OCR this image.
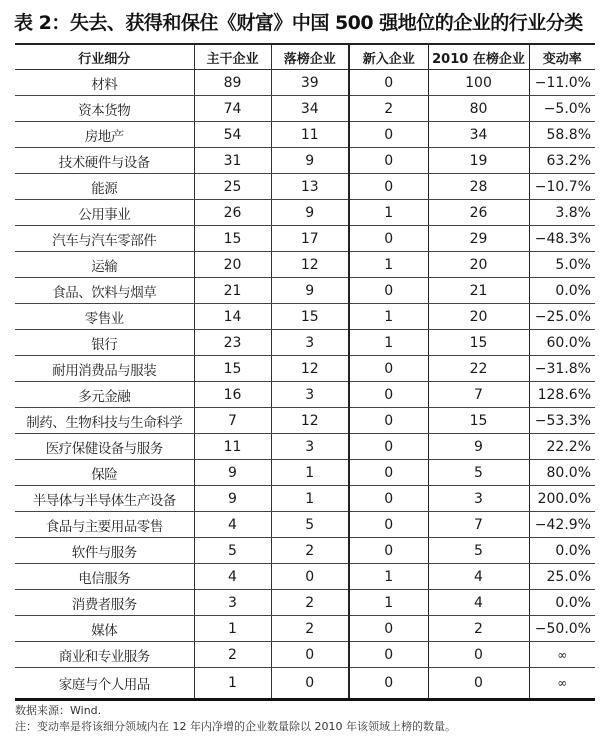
表 2：失去、获得和保住《财富》中国 500 强地位的企业的行业分类
行业细分	主干企业	落榜企业	新入企业	2010 在榜企业	变动率
材料	89	39	0	100	−11.0%
资本货物	74	34	2	80	−5.0%
房地产	54	11	0	34	58.8%
技术硬件与设备	31	9	0	19	63.2%
能源	25	13	0	28	−10.7%
公用事业	26	9	1	26	3.8%
汽车与汽车零部件	15	17	0	29	−48.3%
运输	20	12	1	20	5.0%
食品、饮料与烟草	21	9	0	21	0.0%
零售业	14	15	1	20	−25.0%
银行	23	3	1	15	60.0%
耐用消费品与服装	15	12	0	22	−31.8%
多元金融	16	3	0	7	128.6%
制药、生物科技与生命科学	7	12	0	15	−53.3%
医疗保健设备与服务	11	3	0	9	22.2%
保险	9	1	0	5	80.0%
半导体与半导体生产设备	9	1	0	3	200.0%
食品与主要用品零售	4	5	0	7	−42.9%
软件与服务	5	2	0	5	0.0%
电信服务	4	0	1	4	25.0%
消费者服务	3	2	1	4	0.0%
媒体	1	2	0	2	−50.0%
商业和专业服务	2	0	0	0	∞
家庭与个人用品	1	0	0	0	∞
数据来源：Wind.
注：变动率是将该细分领域内在 12 年内净增的企业数量除以 2010 年该领域上榜的数量。
